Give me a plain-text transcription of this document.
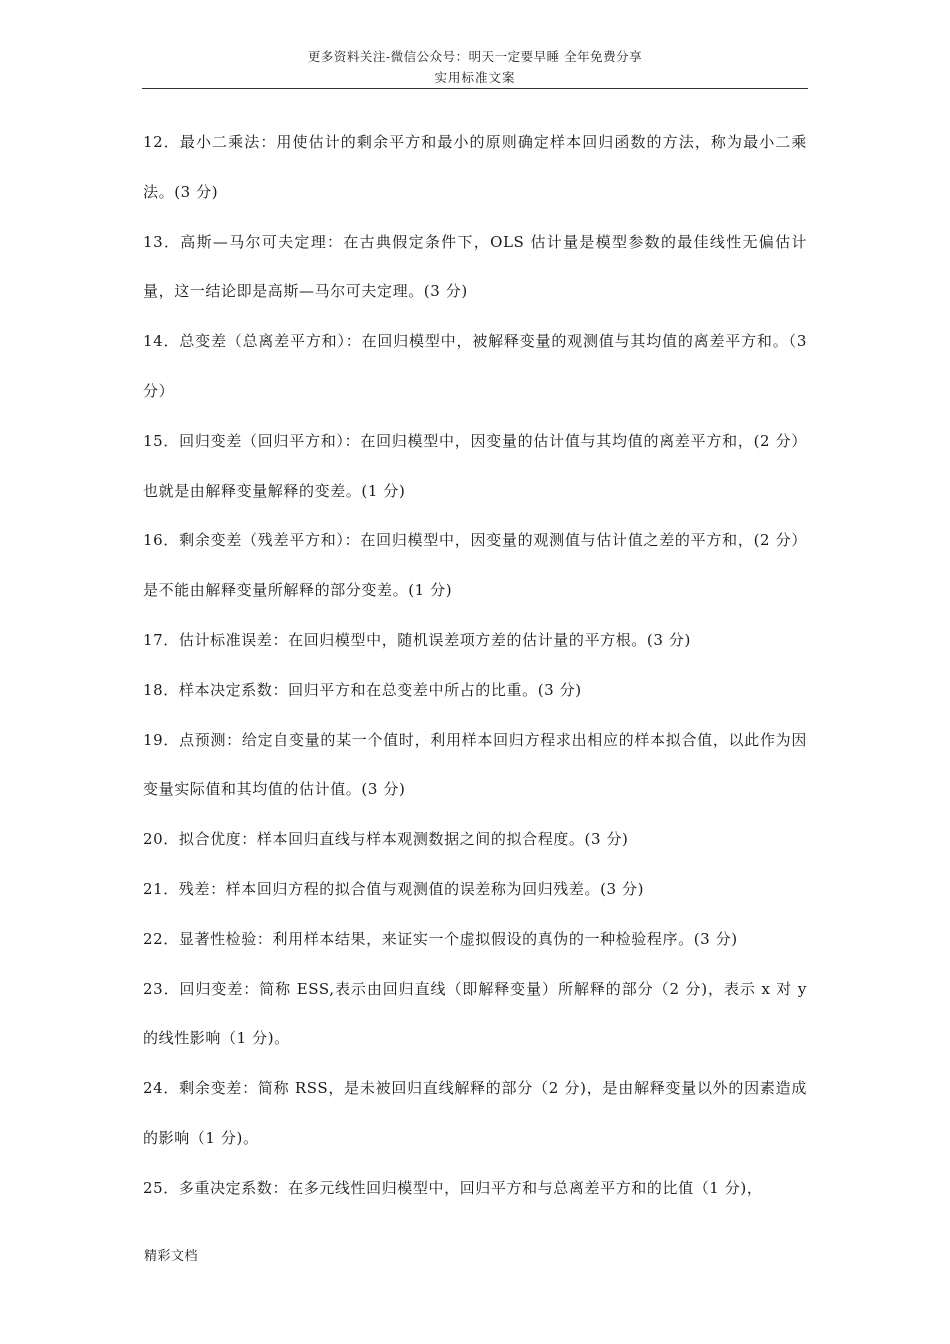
更多资料关注-微信公众号：明天一定要早睡 全年免费分享
实用标准文案

12．最小二乘法：用使估计的剩余平方和最小的原则确定样本回归函数的方法，称为最小二乘法。(3 分)

13．高斯—马尔可夫定理：在古典假定条件下，OLS 估计量是模型参数的最佳线性无偏估计量，这一结论即是高斯—马尔可夫定理。(3 分)

14．总变差（总离差平方和）：在回归模型中，被解释变量的观测值与其均值的离差平方和。（3 分）

15．回归变差（回归平方和）：在回归模型中，因变量的估计值与其均值的离差平方和，(2 分）也就是由解释变量解释的变差。(1 分)

16．剩余变差（残差平方和）：在回归模型中，因变量的观测值与估计值之差的平方和，(2 分）是不能由解释变量所解释的部分变差。(1 分)

17．估计标准误差：在回归模型中，随机误差项方差的估计量的平方根。(3 分)

18．样本决定系数：回归平方和在总变差中所占的比重。(3 分)

19．点预测：给定自变量的某一个值时，利用样本回归方程求出相应的样本拟合值，以此作为因变量实际值和其均值的估计值。(3 分)

20．拟合优度：样本回归直线与样本观测数据之间的拟合程度。(3 分)

21．残差：样本回归方程的拟合值与观测值的误差称为回归残差。(3 分)

22．显著性检验：利用样本结果，来证实一个虚拟假设的真伪的一种检验程序。(3 分)

23．回归变差：简称 ESS,表示由回归直线（即解释变量）所解释的部分（2 分)，表示 x 对 y 的线性影响（1 分)。

24．剩余变差：简称 RSS，是未被回归直线解释的部分（2 分)，是由解释变量以外的因素造成的影响（1 分)。

25．多重决定系数：在多元线性回归模型中，回归平方和与总离差平方和的比值（1 分)，

精彩文档
